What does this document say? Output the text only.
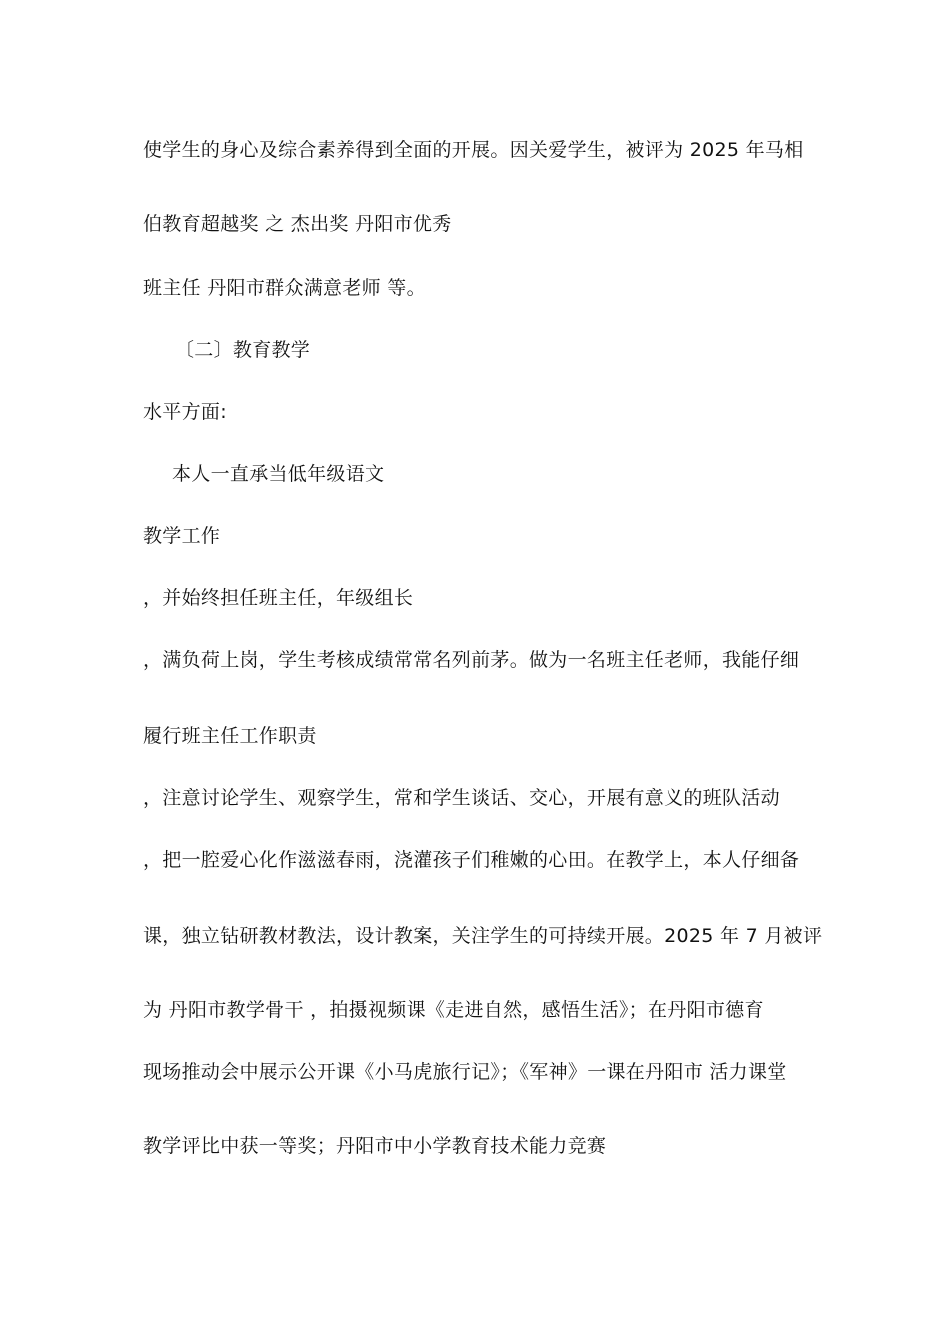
使学生的身心及综合素养得到全面的开展。因关爱学生，被评为 2025 年马相
伯教育超越奖 之 杰出奖 丹阳市优秀
班主任 丹阳市群众满意老师 等。
〔二〕教育教学
水平方面:
本人一直承当低年级语文
教学工作
，并始终担任班主任，年级组长
，满负荷上岗，学生考核成绩常常名列前茅。做为一名班主任老师，我能仔细
履行班主任工作职责
，注意讨论学生、观察学生，常和学生谈话、交心，开展有意义的班队活动
，把一腔爱心化作滋滋春雨，浇灌孩子们稚嫩的心田。在教学上，本人仔细备
课，独立钻研教材教法，设计教案，关注学生的可持续开展。2025 年 7 月被评
为 丹阳市教学骨干 ，拍摄视频课《走进自然，感悟生活》；在丹阳市德育
现场推动会中展示公开课《小马虎旅行记》；《军神》一课在丹阳市 活力课堂
教学评比中获一等奖；丹阳市中小学教育技术能力竞赛
